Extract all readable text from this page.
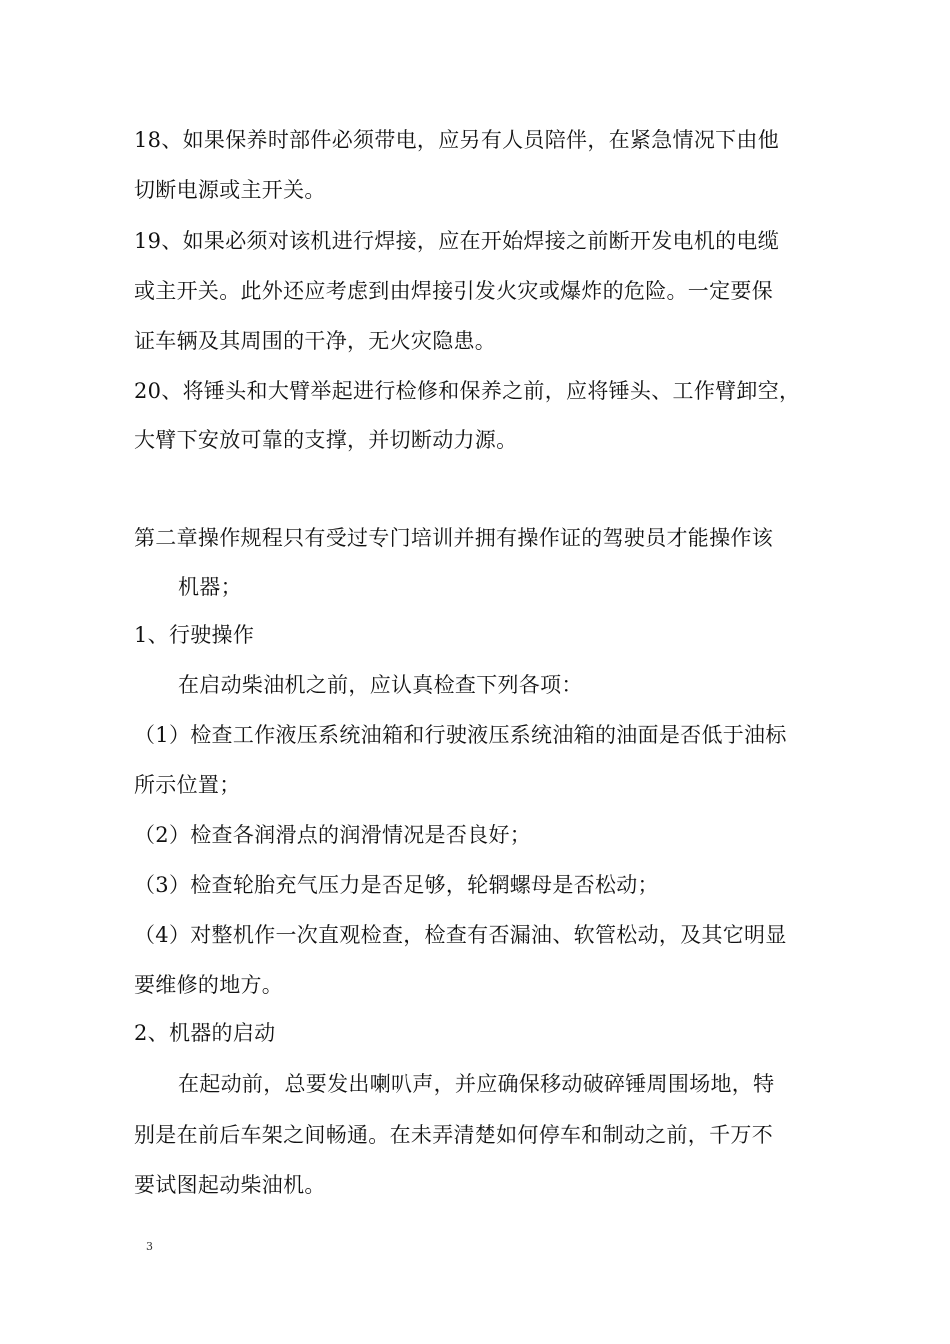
18、如果保养时部件必须带电，应另有人员陪伴，在紧急情况下由他
切断电源或主开关。
19、如果必须对该机进行焊接，应在开始焊接之前断开发电机的电缆
或主开关。此外还应考虑到由焊接引发火灾或爆炸的危险。一定要保
证车辆及其周围的干净，无火灾隐患。
20、将锤头和大臂举起进行检修和保养之前，应将锤头、工作臂卸空，
大臂下安放可靠的支撑，并切断动力源。
第二章操作规程只有受过专门培训并拥有操作证的驾驶员才能操作该
机器；
1、行驶操作
在启动柴油机之前，应认真检查下列各项：
（1）检查工作液压系统油箱和行驶液压系统油箱的油面是否低于油标
所示位置；
（2）检查各润滑点的润滑情况是否良好；
（3）检查轮胎充气压力是否足够，轮辋螺母是否松动；
（4）对整机作一次直观检查，检查有否漏油、软管松动，及其它明显
要维修的地方。
2、机器的启动
在起动前，总要发出喇叭声，并应确保移动破碎锤周围场地，特
别是在前后车架之间畅通。在未弄清楚如何停车和制动之前，千万不
要试图起动柴油机。
3
